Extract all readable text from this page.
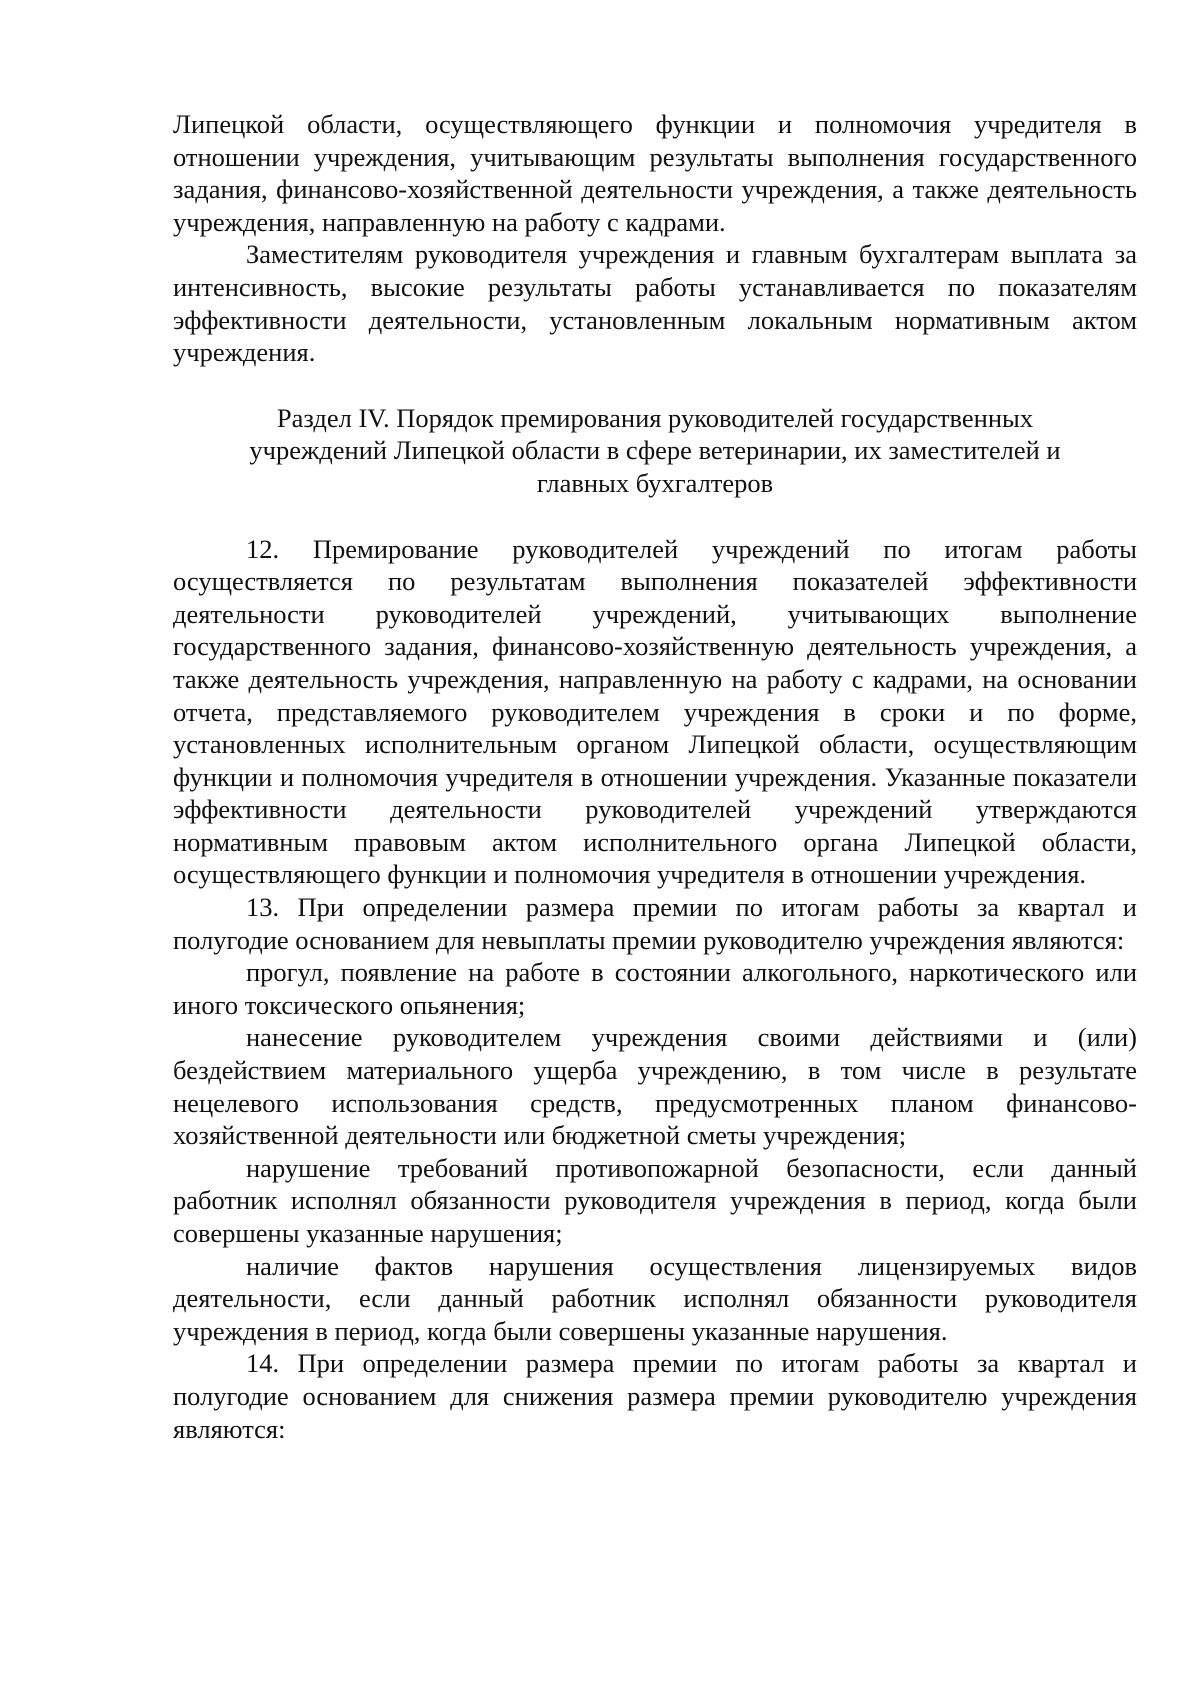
Липецкой области, осуществляющего функции и полномочия учредителя в отношении учреждения, учитывающим результаты выполнения государственного задания, финансово-хозяйственной деятельности учреждения, а также деятельность учреждения, направленную на работу с кадрами.

Заместителям руководителя учреждения и главным бухгалтерам выплата за интенсивность, высокие результаты работы устанавливается по показателям эффективности деятельности, установленным локальным нормативным актом учреждения.

Раздел IV. Порядок премирования руководителей государственных
учреждений Липецкой области в сфере ветеринарии, их заместителей и
главных бухгалтеров

12. Премирование руководителей учреждений по итогам работы осуществляется по результатам выполнения показателей эффективности деятельности руководителей учреждений, учитывающих выполнение государственного задания, финансово-хозяйственную деятельность учреждения, а также деятельность учреждения, направленную на работу с кадрами, на основании отчета, представляемого руководителем учреждения в сроки и по форме, установленных исполнительным органом Липецкой области, осуществляющим функции и полномочия учредителя в отношении учреждения. Указанные показатели эффективности деятельности руководителей учреждений утверждаются нормативным правовым актом исполнительного органа Липецкой области, осуществляющего функции и полномочия учредителя в отношении учреждения.

13. При определении размера премии по итогам работы за квартал и полугодие основанием для невыплаты премии руководителю учреждения являются:

прогул, появление на работе в состоянии алкогольного, наркотического или иного токсического опьянения;

нанесение руководителем учреждения своими действиями и (или) бездействием материального ущерба учреждению, в том числе в результате нецелевого использования средств, предусмотренных планом финансово-хозяйственной деятельности или бюджетной сметы учреждения;

нарушение требований противопожарной безопасности, если данный работник исполнял обязанности руководителя учреждения в период, когда были совершены указанные нарушения;

наличие фактов нарушения осуществления лицензируемых видов деятельности, если данный работник исполнял обязанности руководителя учреждения в период, когда были совершены указанные нарушения.

14. При определении размера премии по итогам работы за квартал и полугодие основанием для снижения размера премии руководителю учреждения являются:
